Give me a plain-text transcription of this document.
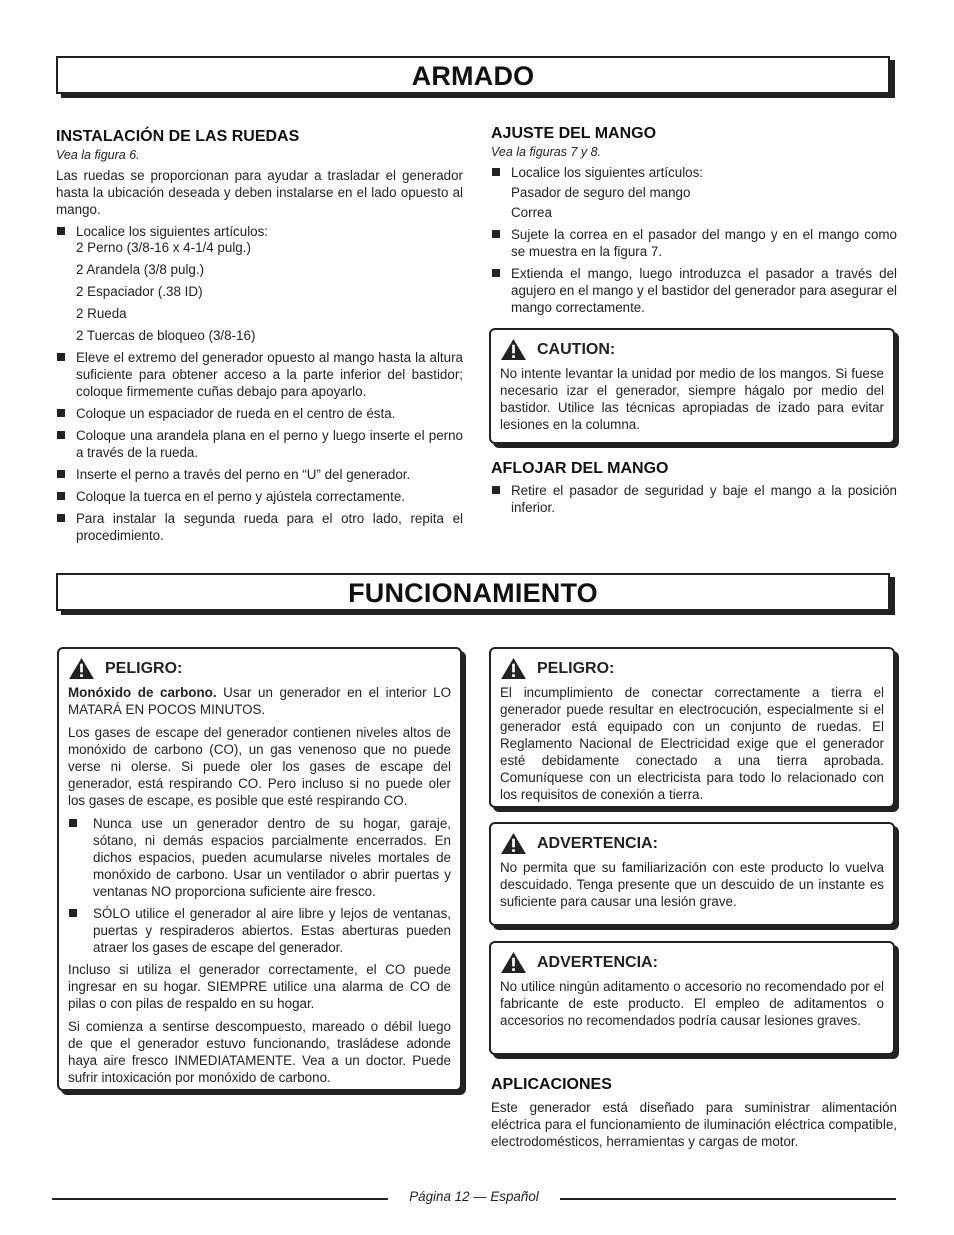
ARMADO
INSTALACIÓN DE LAS RUEDAS
Vea la figura 6.

Las ruedas se proporcionan para ayudar a trasladar el generador hasta la ubicación deseada y deben instalarse en el lado opuesto al mango.

Localice los siguientes artículos:
2 Perno (3/8-16 x 4-1/4 pulg.)
2 Arandela (3/8 pulg.)
2 Espaciador (.38 ID)
2 Rueda
2 Tuercas de bloqueo (3/8-16)
Eleve el extremo del generador opuesto al mango hasta la altura suficiente para obtener acceso a la parte inferior del bastidor; coloque firmemente cuñas debajo para apoyarlo.
Coloque un espaciador de rueda en el centro de ésta.
Coloque una arandela plana en el perno y luego inserte el perno a través de la rueda.
Inserte el perno a través del perno en “U” del generador.
Coloque la tuerca en el perno y ajústela correctamente.
Para instalar la segunda rueda para el otro lado, repita el procedimiento.
AJUSTE DEL MANGO
Vea la figuras 7 y 8.
Localice los siguientes artículos:
Pasador de seguro del mango
Correa
Sujete la correa en el pasador del mango y en el mango como se muestra en la figura 7.
Extienda el mango, luego introduzca el pasador a través del agujero en el mango y el bastidor del generador para asegurar el mango correctamente.
CAUTION:

No intente levantar la unidad por medio de los mangos. Si fuese necesario izar el generador, siempre hágalo por medio del bastidor. Utilice las técnicas apropiadas de izado para evitar lesiones en la columna.

AFLOJAR DEL MANGO
Retire el pasador de seguridad y baje el mango a la posición inferior.
FUNCIONAMIENTO
PELIGRO:

Monóxido de carbono. Usar un generador en el interior LO MATARÁ EN POCOS MINUTOS.

Los gases de escape del generador contienen niveles altos de monóxido de carbono (CO), un gas venenoso que no puede verse ni olerse. Si puede oler los gases de escape del generador, está respirando CO. Pero incluso si no puede oler los gases de escape, es posible que esté respirando CO.

Nunca use un generador dentro de su hogar, garaje, sótano, ni demás espacios parcialmente encerrados. En dichos espacios, pueden acumularse niveles mortales de monóxido de carbono. Usar un ventilador o abrir puertas y ventanas NO proporciona suficiente aire fresco.
SÓLO utilice el generador al aire libre y lejos de ventanas, puertas y respiraderos abiertos. Estas aberturas pueden atraer los gases de escape del generador.

Incluso si utiliza el generador correctamente, el CO puede ingresar en su hogar. SIEMPRE utilice una alarma de CO de pilas o con pilas de respaldo en su hogar.

Si comienza a sentirse descompuesto, mareado o débil luego de que el generador estuvo funcionando, trasládese adonde haya aire fresco INMEDIATAMENTE. Vea a un doctor. Puede sufrir intoxicación por monóxido de carbono.

PELIGRO:

El incumplimiento de conectar correctamente a tierra el generador puede resultar en electrocución, especialmente si el generador está equipado con un conjunto de ruedas. El Reglamento Nacional de Electricidad exige que el generador esté debidamente conectado a una tierra aprobada. Comuníquese con un electricista para todo lo relacionado con los requisitos de conexión a tierra.

ADVERTENCIA:

No permita que su familiarización con este producto lo vuelva descuidado. Tenga presente que un descuido de un instante es suficiente para causar una lesión grave.

ADVERTENCIA:

No utilice ningún aditamento o accesorio no recomendado por el fabricante de este producto. El empleo de aditamentos o accesorios no recomendados podría causar lesiones graves.

APLICACIONES

Este generador está diseñado para suministrar alimentación eléctrica para el funcionamiento de iluminación eléctrica compatible, electrodomésticos, herramientas y cargas de motor.

Página 12 — Español
